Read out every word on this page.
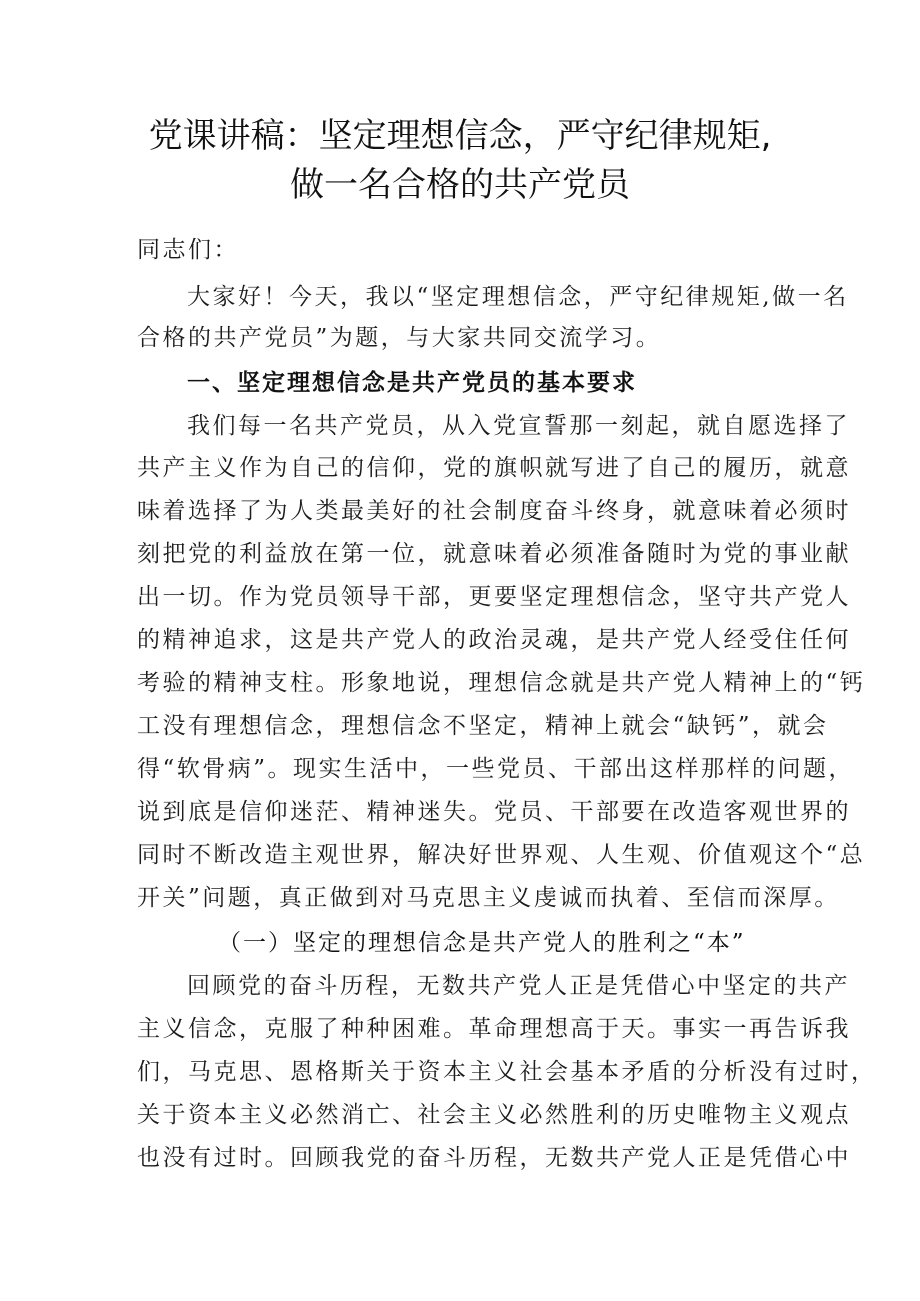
党课讲稿：坚定理想信念，严守纪律规矩,
做一名合格的共产党员
同志们：
大家好！今天，我以“坚定理想信念，严守纪律规矩,做一名
合格的共产党员”为题，与大家共同交流学习。
一、坚定理想信念是共产党员的基本要求
我们每一名共产党员，从入党宣誓那一刻起，就自愿选择了
共产主义作为自己的信仰，党的旗帜就写进了自己的履历，就意
味着选择了为人类最美好的社会制度奋斗终身，就意味着必须时
刻把党的利益放在第一位，就意味着必须准备随时为党的事业献
出一切。作为党员领导干部，更要坚定理想信念，坚守共产党人
的精神追求，这是共产党人的政治灵魂，是共产党人经受住任何
考验的精神支柱。形象地说，理想信念就是共产党人精神上的“钙
工没有理想信念，理想信念不坚定，精神上就会“缺钙”，就会
得“软骨病”。现实生活中，一些党员、干部出这样那样的问题，
说到底是信仰迷茫、精神迷失。党员、干部要在改造客观世界的
同时不断改造主观世界，解决好世界观、人生观、价值观这个“总
开关”问题，真正做到对马克思主义虔诚而执着、至信而深厚。
（一）坚定的理想信念是共产党人的胜利之“本”
回顾党的奋斗历程，无数共产党人正是凭借心中坚定的共产
主义信念，克服了种种困难。革命理想高于天。事实一再告诉我
们，马克思、恩格斯关于资本主义社会基本矛盾的分析没有过时，
关于资本主义必然消亡、社会主义必然胜利的历史唯物主义观点
也没有过时。回顾我党的奋斗历程，无数共产党人正是凭借心中
